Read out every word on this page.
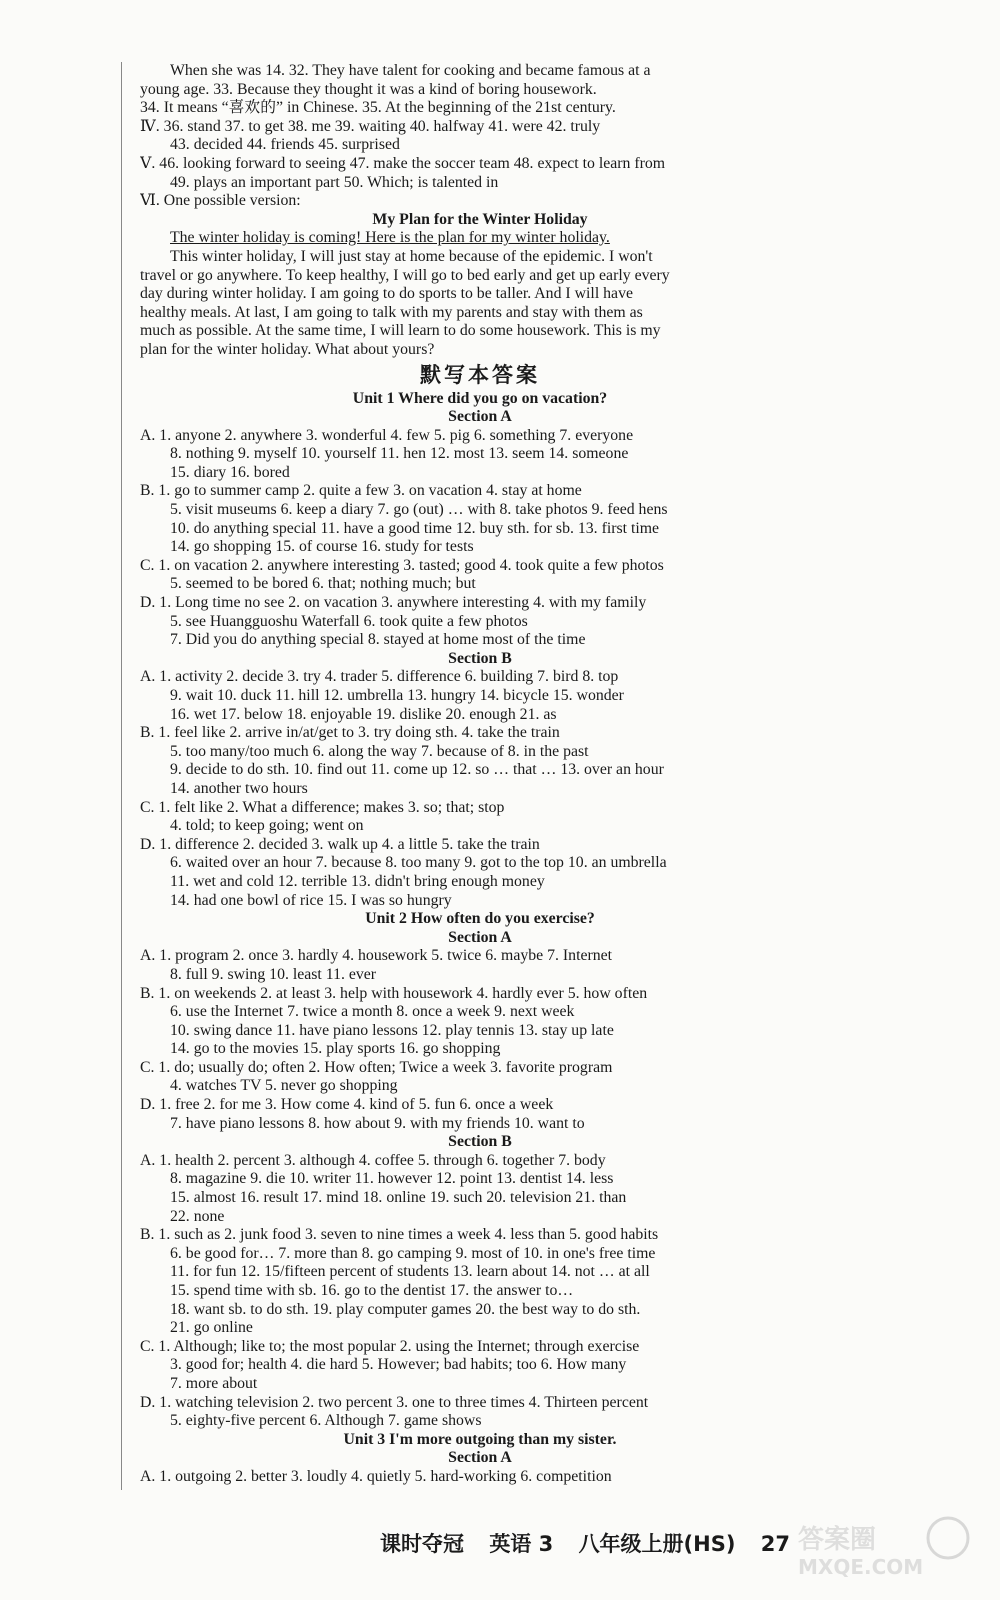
When she was 14. 32. They have talent for cooking and became famous at a
young age. 33. Because they thought it was a kind of boring housework.
34. It means “喜欢的” in Chinese. 35. At the beginning of the 21st century.
Ⅳ. 36. stand 37. to get 38. me 39. waiting 40. halfway 41. were 42. truly
43. decided 44. friends 45. surprised
Ⅴ. 46. looking forward to seeing 47. make the soccer team 48. expect to learn from
49. plays an important part 50. Which; is talented in
Ⅵ. One possible version:
My Plan for the Winter Holiday
The winter holiday is coming! Here is the plan for my winter holiday.
This winter holiday, I will just stay at home because of the epidemic. I won't
travel or go anywhere. To keep healthy, I will go to bed early and get up early every
day during winter holiday. I am going to do sports to be taller. And I will have
healthy meals. At last, I am going to talk with my parents and stay with them as
much as possible. At the same time, I will learn to do some housework. This is my
plan for the winter holiday. What about yours?
默写本答案
Unit 1 Where did you go on vacation?
Section A
A. 1. anyone 2. anywhere 3. wonderful 4. few 5. pig 6. something 7. everyone
8. nothing 9. myself 10. yourself 11. hen 12. most 13. seem 14. someone
15. diary 16. bored
B. 1. go to summer camp 2. quite a few 3. on vacation 4. stay at home
5. visit museums 6. keep a diary 7. go (out) … with 8. take photos 9. feed hens
10. do anything special 11. have a good time 12. buy sth. for sb. 13. first time
14. go shopping 15. of course 16. study for tests
C. 1. on vacation 2. anywhere interesting 3. tasted; good 4. took quite a few photos
5. seemed to be bored 6. that; nothing much; but
D. 1. Long time no see 2. on vacation 3. anywhere interesting 4. with my family
5. see Huangguoshu Waterfall 6. took quite a few photos
7. Did you do anything special 8. stayed at home most of the time
Section B
A. 1. activity 2. decide 3. try 4. trader 5. difference 6. building 7. bird 8. top
9. wait 10. duck 11. hill 12. umbrella 13. hungry 14. bicycle 15. wonder
16. wet 17. below 18. enjoyable 19. dislike 20. enough 21. as
B. 1. feel like 2. arrive in/at/get to 3. try doing sth. 4. take the train
5. too many/too much 6. along the way 7. because of 8. in the past
9. decide to do sth. 10. find out 11. come up 12. so … that … 13. over an hour
14. another two hours
C. 1. felt like 2. What a difference; makes 3. so; that; stop
4. told; to keep going; went on
D. 1. difference 2. decided 3. walk up 4. a little 5. take the train
6. waited over an hour 7. because 8. too many 9. got to the top 10. an umbrella
11. wet and cold 12. terrible 13. didn't bring enough money
14. had one bowl of rice 15. I was so hungry
Unit 2 How often do you exercise?
Section A
A. 1. program 2. once 3. hardly 4. housework 5. twice 6. maybe 7. Internet
8. full 9. swing 10. least 11. ever
B. 1. on weekends 2. at least 3. help with housework 4. hardly ever 5. how often
6. use the Internet 7. twice a month 8. once a week 9. next week
10. swing dance 11. have piano lessons 12. play tennis 13. stay up late
14. go to the movies 15. play sports 16. go shopping
C. 1. do; usually do; often 2. How often; Twice a week 3. favorite program
4. watches TV 5. never go shopping
D. 1. free 2. for me 3. How come 4. kind of 5. fun 6. once a week
7. have piano lessons 8. how about 9. with my friends 10. want to
Section B
A. 1. health 2. percent 3. although 4. coffee 5. through 6. together 7. body
8. magazine 9. die 10. writer 11. however 12. point 13. dentist 14. less
15. almost 16. result 17. mind 18. online 19. such 20. television 21. than
22. none
B. 1. such as 2. junk food 3. seven to nine times a week 4. less than 5. good habits
6. be good for… 7. more than 8. go camping 9. most of 10. in one's free time
11. for fun 12. 15/fifteen percent of students 13. learn about 14. not … at all
15. spend time with sb. 16. go to the dentist 17. the answer to…
18. want sb. to do sth. 19. play computer games 20. the best way to do sth.
21. go online
C. 1. Although; like to; the most popular 2. using the Internet; through exercise
3. good for; health 4. die hard 5. However; bad habits; too 6. How many
7. more about
D. 1. watching television 2. two percent 3. one to three times 4. Thirteen percent
5. eighty-five percent 6. Although 7. game shows
Unit 3 I'm more outgoing than my sister.
Section A
A. 1. outgoing 2. better 3. loudly 4. quietly 5. hard-working 6. competition
课时夺冠 英语 3 八年级上册(HS) 27 答案圈
MXQE.COM
